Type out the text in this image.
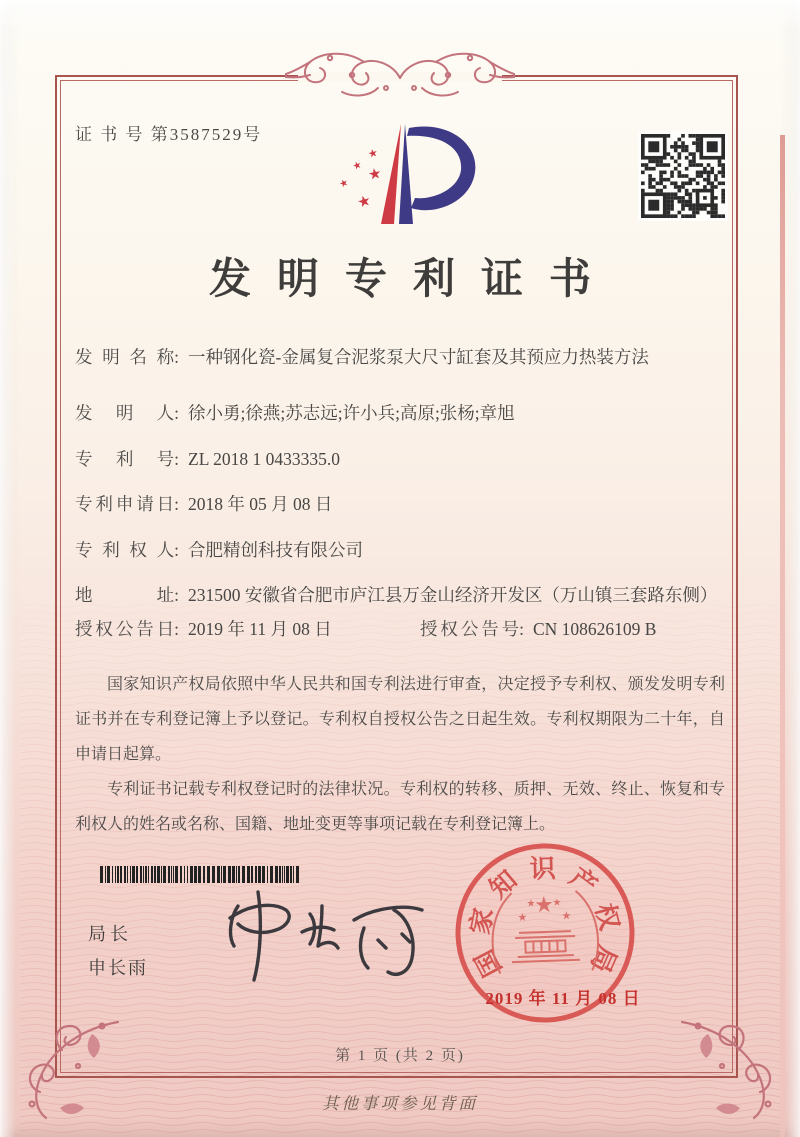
证 书 号 第3587529号
★
★ ★
★
★
发明专利证书
发 明 名 称: 一种钢化瓷-金属复合泥浆泵大尺寸缸套及其预应力热装方法
发 明 人: 徐小勇;徐燕;苏志远;许小兵;高原;张杨;章旭
专 利 号: ZL 2018 1 0433335.0
专 利 申 请 日: 2018 年 05 月 08 日
专 利 权 人: 合肥精创科技有限公司
地	址: 231500 安徽省合肥市庐江县万金山经济开发区（万山镇三套路东侧）
授 权 公 告 日: 2019 年 11 月 08 日	授 权 公 告 号: CN 108626109 B

国家知识产权局依照中华人民共和国专利法进行审查，决定授予专利权、颁发发明专利证书并在专利登记簿上予以登记。专利权自授权公告之日起生效。专利权期限为二十年，自申请日起算。

专利证书记载专利权登记时的法律状况。专利权的转移、质押、无效、终止、恢复和专利权人的姓名或名称、国籍、地址变更等事项记载在专利登记簿上。

局长
申长雨	国
家
知 识 产
权
局
★
★	★
★ ★
2019 年 11 月 08 日
第 1 页 (共 2 页)
其他事项参见背面
